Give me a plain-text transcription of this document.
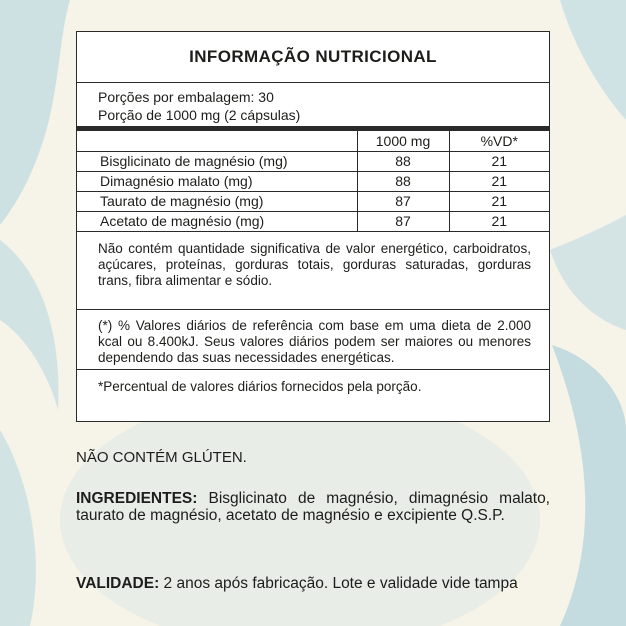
INFORMAÇÃO NUTRICIONAL
Porções por embalagem: 30
Porção de 1000 mg (2 cápsulas)
	1000 mg	%VD*
Bisglicinato de magnésio (mg)	88	21
Dimagnésio malato (mg)	88	21
Taurato de magnésio (mg)	87	21
Acetato de magnésio (mg)	87	21
Não contém quantidade significativa de valor energético, carboidratos, açúcares, proteínas, gorduras totais, gorduras saturadas, gorduras trans, fibra alimentar e sódio.
(*) % Valores diários de referência com base em uma dieta de 2.000 kcal ou 8.400kJ. Seus valores diários podem ser maiores ou menores dependendo das suas necessidades energéticas.
*Percentual de valores diários fornecidos pela porção.
NÃO CONTÉM GLÚTEN.
INGREDIENTES: Bisglicinato de magnésio, dimagnésio malato, taurato de magnésio, acetato de magnésio e excipiente Q.S.P.
VALIDADE: 2 anos após fabricação. Lote e validade vide tampa
